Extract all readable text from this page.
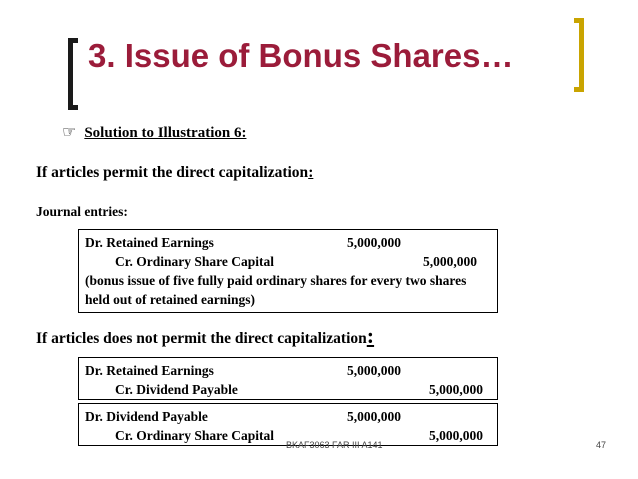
3. Issue of Bonus Shares…
☞ Solution to Illustration 6:
If articles permit the direct capitalization:
Journal entries:
Dr. Retained Earnings	5,000,000
Cr. Ordinary Share Capital	5,000,000
(bonus issue of five fully paid ordinary shares for every two shares held out of retained earnings)
If articles does not permit the direct capitalization:
Dr. Retained Earnings	5,000,000
Cr. Dividend Payable	5,000,000
Dr. Dividend Payable	5,000,000
Cr. Ordinary Share Capital	5,000,000
BKAF3063 FAR III A141	47
